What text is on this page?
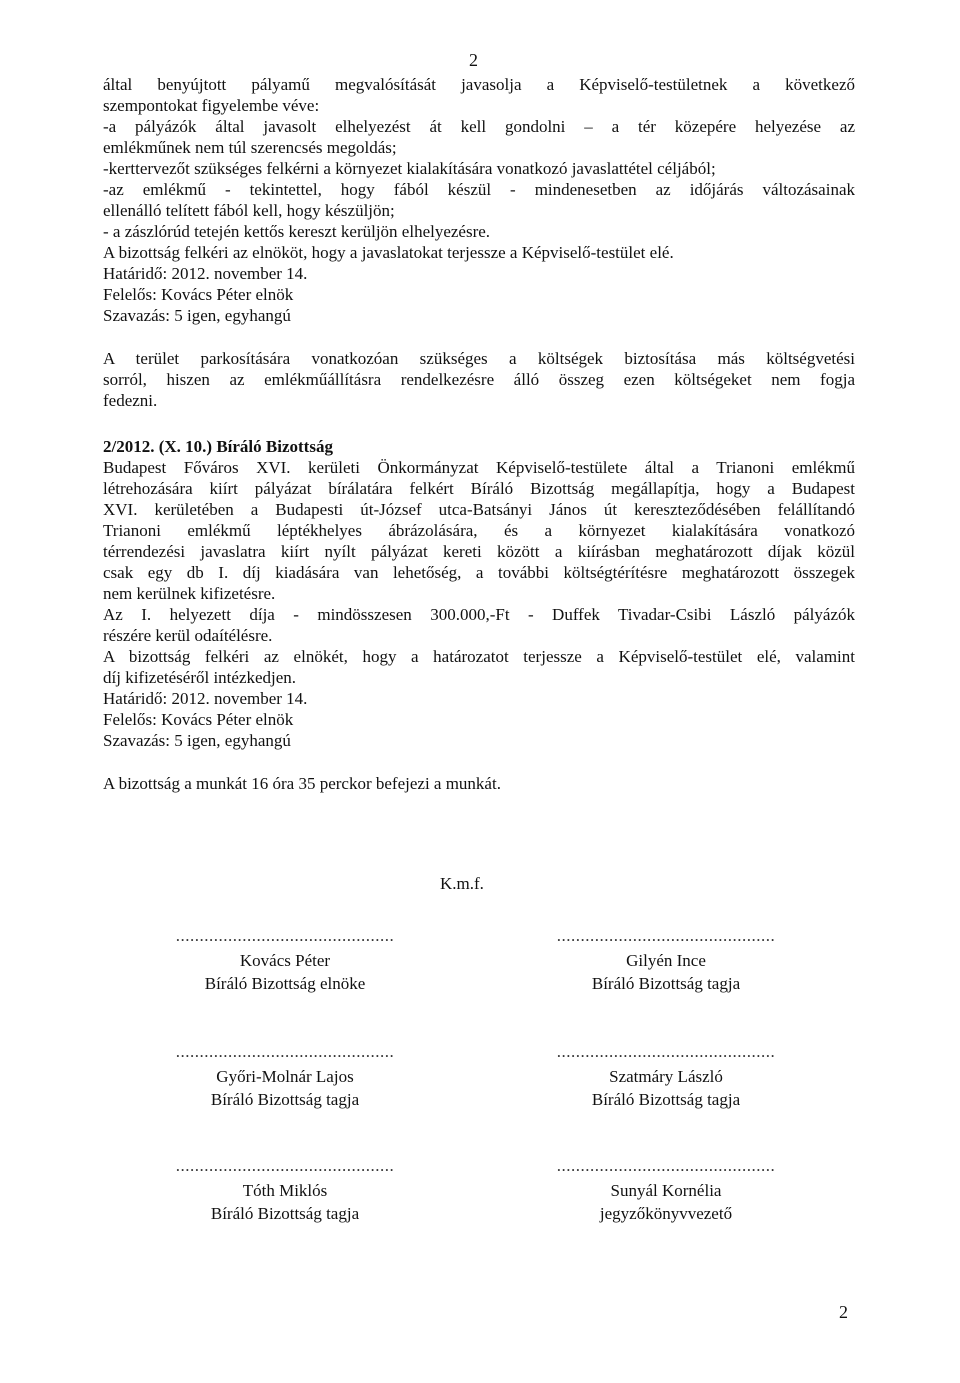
2
által benyújtott pályamű megvalósítását javasolja a Képviselő-testületnek a következő
szempontokat figyelembe véve:
-a pályázók által javasolt elhelyezést át kell gondolni – a tér közepére helyezése az
emlékműnek nem túl szerencsés megoldás;
-kerttervezőt szükséges felkérni a környezet kialakítására vonatkozó javaslattétel céljából;
-az emlékmű - tekintettel, hogy fából készül - mindenesetben az időjárás változásainak
ellenálló telített fából kell, hogy készüljön;
- a zászlórúd tetején kettős kereszt kerüljön elhelyezésre.
A bizottság felkéri az elnököt, hogy a javaslatokat terjessze a Képviselő-testület elé.
Határidő: 2012. november 14.
Felelős: Kovács Péter elnök
Szavazás: 5 igen, egyhangú
A terület parkosítására vonatkozóan szükséges a költségek biztosítása más költségvetési
sorról, hiszen az emlékműállításra rendelkezésre álló összeg ezen költségeket nem fogja
fedezni.
2/2012. (X. 10.) Bíráló Bizottság
Budapest Főváros XVI. kerületi Önkormányzat Képviselő-testülete által a Trianoni emlékmű
létrehozására kiírt pályázat bírálatára felkért Bíráló Bizottság megállapítja, hogy a Budapest
XVI. kerületében a Budapesti út-József utca-Batsányi János út kereszteződésében felállítandó
Trianoni emlékmű léptékhelyes ábrázolására, és a környezet kialakítására vonatkozó
térrendezési javaslatra kiírt nyílt pályázat kereti között a kiírásban meghatározott díjak közül
csak egy db I. díj kiadására van lehetőség, a további költségtérítésre meghatározott összegek
nem kerülnek kifizetésre.
Az I. helyezett díja - mindösszesen 300.000,-Ft - Duffek Tivadar-Csibi László pályázók
részére kerül odaítélésre.
A bizottság felkéri az elnökét, hogy a határozatot terjessze a Képviselő-testület elé, valamint
díj kifizetéséről intézkedjen.
Határidő: 2012. november 14.
Felelős: Kovács Péter elnök
Szavazás: 5 igen, egyhangú
A bizottság a munkát 16 óra 35 perckor befejezi a munkát.
K.m.f.
..............................................
Kovács Péter
Bíráló Bizottság elnöke
..............................................
Gilyén Ince
Bíráló Bizottság tagja
..............................................
Győri-Molnár Lajos
Bíráló Bizottság tagja
..............................................
Szatmáry László
Bíráló Bizottság tagja
..............................................
Tóth Miklós
Bíráló Bizottság tagja
..............................................
Sunyál Kornélia
jegyzőkönyvvezető
2
